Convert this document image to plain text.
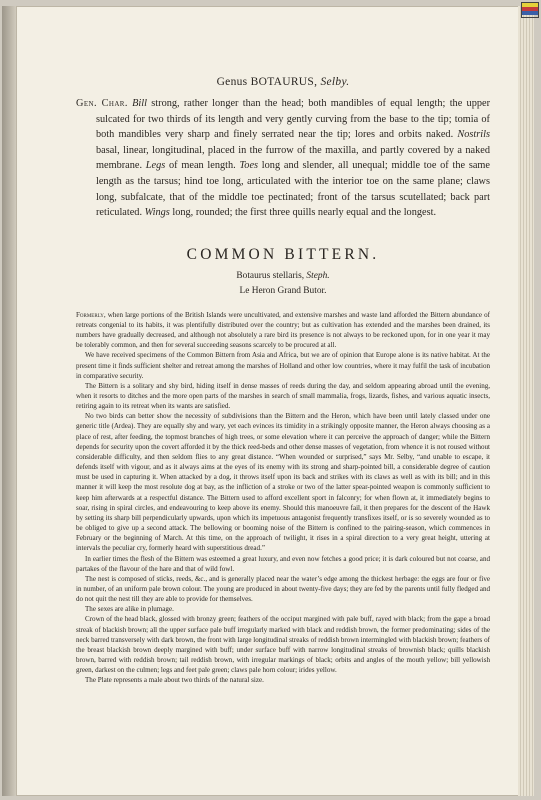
Genus BOTAURUS, Selby.

Gen. Char. Bill strong, rather longer than the head; both mandibles of equal length; the upper sulcated for two thirds of its length and very gently curving from the base to the tip; tomia of both mandibles very sharp and finely serrated near the tip; lores and orbits naked. Nostrils basal, linear, longitudinal, placed in the furrow of the maxilla, and partly covered by a naked membrane. Legs of mean length. Toes long and slender, all unequal; middle toe of the same length as the tarsus; hind toe long, articulated with the interior toe on the same plane; claws long, subfalcate, that of the middle toe pectinated; front of the tarsus scutellated; back part reticulated. Wings long, rounded; the first three quills nearly equal and the longest.

COMMON BITTERN.
Botaurus stellaris, Steph.
Le Heron Grand Butor.

Formerly, when large portions of the British Islands were uncultivated, and extensive marshes and waste land afforded the Bittern abundance of retreats congenial to its habits, it was plentifully distributed over the country; but as cultivation has extended and the marshes been drained, its numbers have gradually decreased, and although not absolutely a rare bird its presence is not always to be reckoned upon, for in one year it may be tolerably common, and then for several succeeding seasons scarcely to be procured at all.

We have received specimens of the Common Bittern from Asia and Africa, but we are of opinion that Europe alone is its native habitat. At the present time it finds sufficient shelter and retreat among the marshes of Holland and other low countries, where it may fulfil the task of incubation in comparative security.

The Bittern is a solitary and shy bird, hiding itself in dense masses of reeds during the day, and seldom appearing abroad until the evening, when it resorts to ditches and the more open parts of the marshes in search of small mammalia, frogs, lizards, fishes, and various aquatic insects, retiring again to its retreat when its wants are satisfied.

No two birds can better show the necessity of subdivisions than the Bittern and the Heron, which have been until lately classed under one generic title (Ardea). They are equally shy and wary, yet each evinces its timidity in a strikingly opposite manner, the Heron always choosing as a place of rest, after feeding, the topmost branches of high trees, or some elevation where it can perceive the approach of danger; while the Bittern depends for security upon the covert afforded it by the thick reed-beds and other dense masses of vegetation, from whence it is not roused without considerable difficulty, and then seldom flies to any great distance. “When wounded or surprised,” says Mr. Selby, “and unable to escape, it defends itself with vigour, and as it always aims at the eyes of its enemy with its strong and sharp-pointed bill, a considerable degree of caution must be used in capturing it. When attacked by a dog, it throws itself upon its back and strikes with its claws as well as with its bill; and in this manner it will keep the most resolute dog at bay, as the infliction of a stroke or two of the latter spear-pointed weapon is commonly sufficient to keep him afterwards at a respectful distance. The Bittern used to afford excellent sport in falconry; for when flown at, it immediately begins to soar, rising in spiral circles, and endeavouring to keep above its enemy. Should this manoeuvre fail, it then prepares for the descent of the Hawk by setting its sharp bill perpendicularly upwards, upon which its impetuous antagonist frequently transfixes itself, or is so severely wounded as to be obliged to give up a second attack. The bellowing or booming noise of the Bittern is confined to the pairing-season, which commences in February or the beginning of March. At this time, on the approach of twilight, it rises in a spiral direction to a very great height, uttering at intervals the peculiar cry, formerly heard with superstitious dread.”

In earlier times the flesh of the Bittern was esteemed a great luxury, and even now fetches a good price; it is dark coloured but not coarse, and partakes of the flavour of the hare and that of wild fowl.

The nest is composed of sticks, reeds, &c., and is generally placed near the water’s edge among the thickest herbage: the eggs are four or five in number, of an uniform pale brown colour. The young are produced in about twenty-five days; they are fed by the parents until fully fledged and do not quit the nest till they are able to provide for themselves.

The sexes are alike in plumage.

Crown of the head black, glossed with bronzy green; feathers of the occiput margined with pale buff, rayed with black; from the gape a broad streak of blackish brown; all the upper surface pale buff irregularly marked with black and reddish brown, the former predominating; sides of the neck barred transversely with dark brown, the front with large longitudinal streaks of reddish brown intermingled with blackish brown; feathers of the breast blackish brown deeply margined with buff; under surface buff with narrow longitudinal streaks of brownish black; quills blackish brown, barred with reddish brown; tail reddish brown, with irregular markings of black; orbits and angles of the mouth yellow; bill yellowish green, darkest on the culmen; legs and feet pale green; claws pale horn colour; irides yellow.

The Plate represents a male about two thirds of the natural size.
